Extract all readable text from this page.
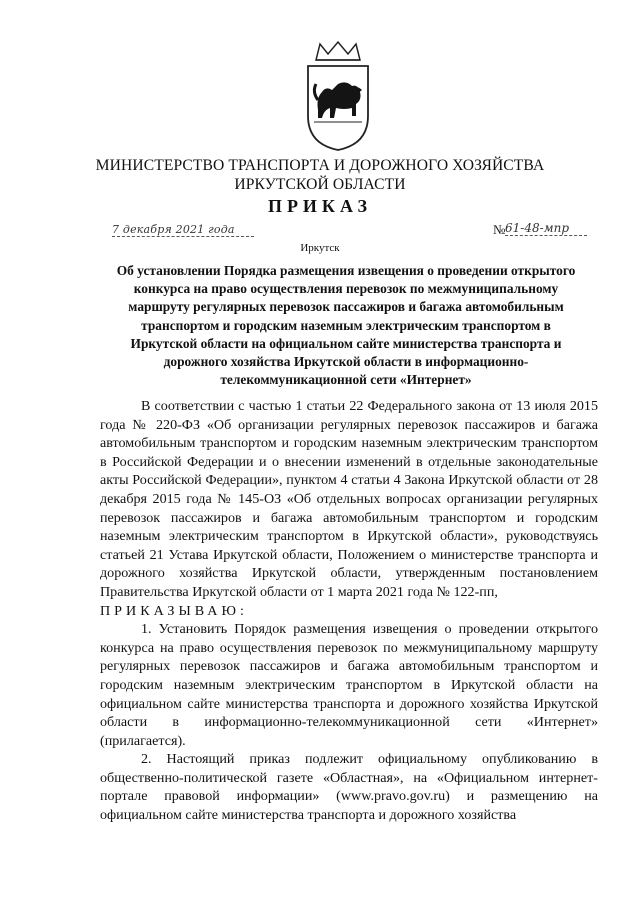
МИНИСТЕРСТВО ТРАНСПОРТА И ДОРОЖНОГО ХОЗЯЙСТВА
ИРКУТСКОЙ ОБЛАСТИ
ПРИКАЗ
7 декабря 2021 года	№ 61-48-мпр
Иркутск
Об установлении Порядка размещения извещения о проведении открытого конкурса на право осуществления перевозок по межмуниципальному маршруту регулярных перевозок пассажиров и багажа автомобильным транспортом и городским наземным электрическим транспортом в Иркутской области на официальном сайте министерства транспорта и дорожного хозяйства Иркутской области в информационно-телекоммуникационной сети «Интернет»

В соответствии с частью 1 статьи 22 Федерального закона от 13 июля 2015 года № 220-ФЗ «Об организации регулярных перевозок пассажиров и багажа автомобильным транспортом и городским наземным электрическим транспортом в Российской Федерации и о внесении изменений в отдельные законодательные акты Российской Федерации», пунктом 4 статьи 4 Закона Иркутской области от 28 декабря 2015 года № 145-ОЗ «Об отдельных вопросах организации регулярных перевозок пассажиров и багажа автомобильным транспортом и городским наземным электрическим транспортом в Иркутской области», руководствуясь статьей 21 Устава Иркутской области, Положением о министерстве транспорта и дорожного хозяйства Иркутской области, утвержденным постановлением Правительства Иркутской области от 1 марта 2021 года № 122-пп,

ПРИКАЗЫВАЮ:

1. Установить Порядок размещения извещения о проведении открытого конкурса на право осуществления перевозок по межмуниципальному маршруту регулярных перевозок пассажиров и багажа автомобильным транспортом и городским наземным электрическим транспортом в Иркутской области на официальном сайте министерства транспорта и дорожного хозяйства Иркутской области в информационно-телекоммуникационной сети «Интернет» (прилагается).

2. Настоящий приказ подлежит официальному опубликованию в общественно-политической газете «Областная», на «Официальном интернет-портале правовой информации» (www.pravo.gov.ru) и размещению на официальном сайте министерства транспорта и дорожного хозяйства
